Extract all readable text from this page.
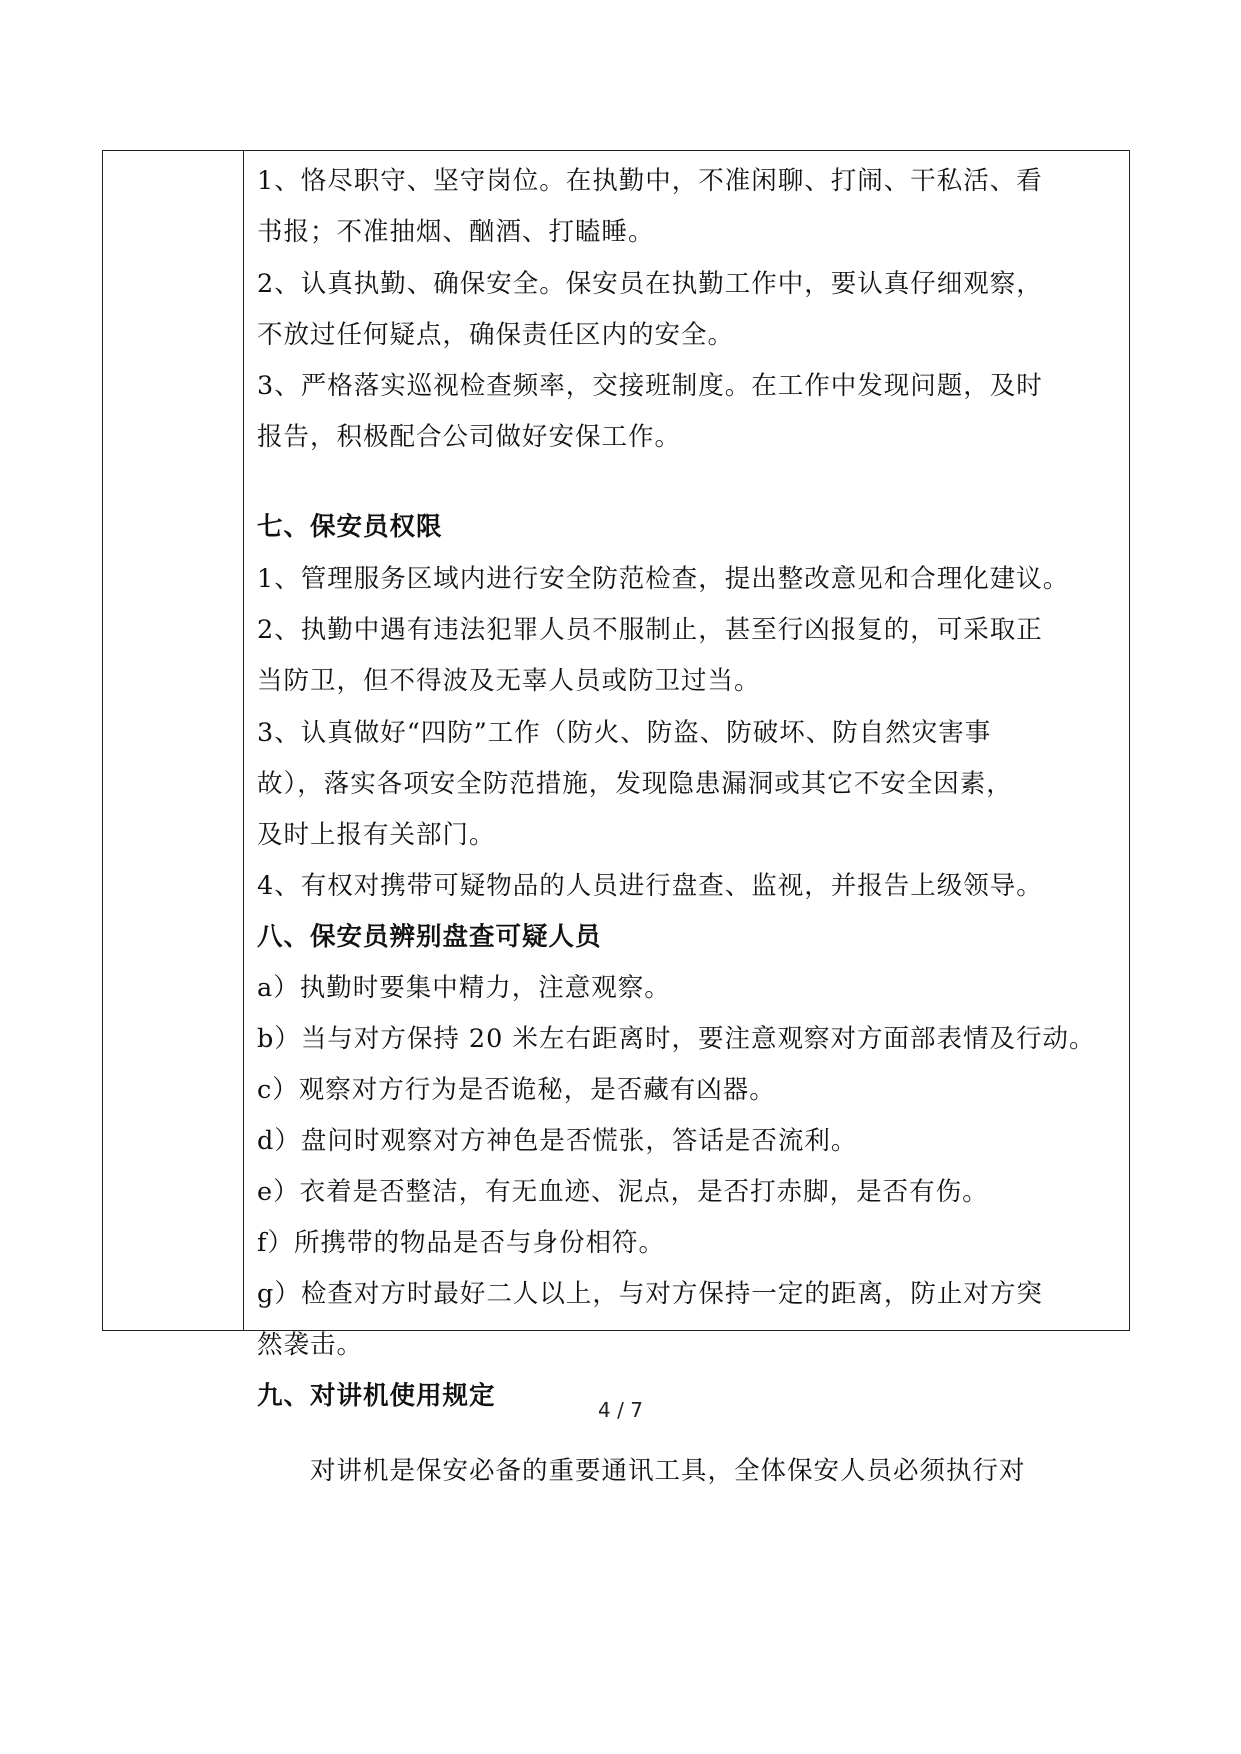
1、恪尽职守、坚守岗位。在执勤中，不准闲聊、打闹、干私活、看
书报；不准抽烟、酗酒、打瞌睡。
2、认真执勤、确保安全。保安员在执勤工作中，要认真仔细观察，
不放过任何疑点，确保责任区内的安全。
3、严格落实巡视检查频率，交接班制度。在工作中发现问题，及时
报告，积极配合公司做好安保工作。
七、保安员权限
1、管理服务区域内进行安全防范检查，提出整改意见和合理化建议。
2、执勤中遇有违法犯罪人员不服制止，甚至行凶报复的，可采取正
当防卫，但不得波及无辜人员或防卫过当。
3、认真做好“四防”工作（防火、防盗、防破坏、防自然灾害事
故），落实各项安全防范措施，发现隐患漏洞或其它不安全因素，
及时上报有关部门。
4、有权对携带可疑物品的人员进行盘查、监视，并报告上级领导。
八、保安员辨别盘查可疑人员
a）执勤时要集中精力，注意观察。
b）当与对方保持 20 米左右距离时，要注意观察对方面部表情及行动。
c）观察对方行为是否诡秘，是否藏有凶器。
d）盘问时观察对方神色是否慌张，答话是否流利。
e）衣着是否整洁，有无血迹、泥点，是否打赤脚，是否有伤。
f）所携带的物品是否与身份相符。
g）检查对方时最好二人以上，与对方保持一定的距离，防止对方突
然袭击。
九、对讲机使用规定
　　对讲机是保安必备的重要通讯工具，全体保安人员必须执行对
4 / 7
